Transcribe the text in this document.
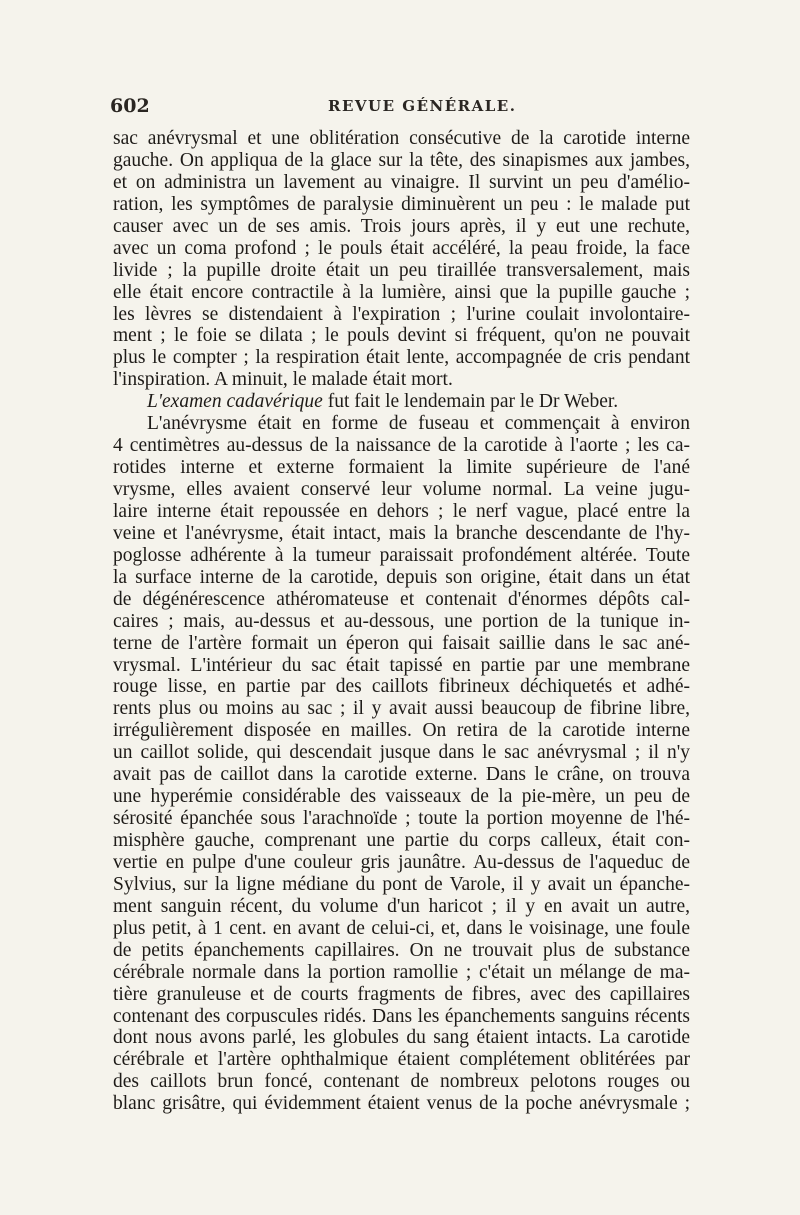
602	REVUE GÉNÉRALE.
sac anévrysmal et une oblitération consécutive de la carotide interne
gauche. On appliqua de la glace sur la tête, des sinapismes aux jambes,
et on administra un lavement au vinaigre. Il survint un peu d'amélio-
ration, les symptômes de paralysie diminuèrent un peu : le malade put
causer avec un de ses amis. Trois jours après, il y eut une rechute,
avec un coma profond ; le pouls était accéléré, la peau froide, la face
livide ; la pupille droite était un peu tiraillée transversalement, mais
elle était encore contractile à la lumière, ainsi que la pupille gauche ;
les lèvres se distendaient à l'expiration ; l'urine coulait involontaire-
ment ; le foie se dilata ; le pouls devint si fréquent, qu'on ne pouvait
plus le compter ; la respiration était lente, accompagnée de cris pendant
l'inspiration. A minuit, le malade était mort.
L'examen cadavérique fut fait le lendemain par le Dr Weber.
L'anévrysme était en forme de fuseau et commençait à environ
4 centimètres au-dessus de la naissance de la carotide à l'aorte ; les ca-
rotides interne et externe formaient la limite supérieure de l'ané
vrysme, elles avaient conservé leur volume normal. La veine jugu-
laire interne était repoussée en dehors ; le nerf vague, placé entre la
veine et l'anévrysme, était intact, mais la branche descendante de l'hy-
poglosse adhérente à la tumeur paraissait profondément altérée. Toute
la surface interne de la carotide, depuis son origine, était dans un état
de dégénérescence athéromateuse et contenait d'énormes dépôts cal-
caires ; mais, au-dessus et au-dessous, une portion de la tunique in-
terne de l'artère formait un éperon qui faisait saillie dans le sac ané-
vrysmal. L'intérieur du sac était tapissé en partie par une membrane
rouge lisse, en partie par des caillots fibrineux déchiquetés et adhé-
rents plus ou moins au sac ; il y avait aussi beaucoup de fibrine libre,
irrégulièrement disposée en mailles. On retira de la carotide interne
un caillot solide, qui descendait jusque dans le sac anévrysmal ; il n'y
avait pas de caillot dans la carotide externe. Dans le crâne, on trouva
une hyperémie considérable des vaisseaux de la pie-mère, un peu de
sérosité épanchée sous l'arachnoïde ; toute la portion moyenne de l'hé-
misphère gauche, comprenant une partie du corps calleux, était con-
vertie en pulpe d'une couleur gris jaunâtre. Au-dessus de l'aqueduc de
Sylvius, sur la ligne médiane du pont de Varole, il y avait un épanche-
ment sanguin récent, du volume d'un haricot ; il y en avait un autre,
plus petit, à 1 cent. en avant de celui-ci, et, dans le voisinage, une foule
de petits épanchements capillaires. On ne trouvait plus de substance
cérébrale normale dans la portion ramollie ; c'était un mélange de ma-
tière granuleuse et de courts fragments de fibres, avec des capillaires
contenant des corpuscules ridés. Dans les épanchements sanguins récents
dont nous avons parlé, les globules du sang étaient intacts. La carotide
cérébrale et l'artère ophthalmique étaient complétement oblitérées par
des caillots brun foncé, contenant de nombreux pelotons rouges ou
blanc grisâtre, qui évidemment étaient venus de la poche anévrysmale ;
